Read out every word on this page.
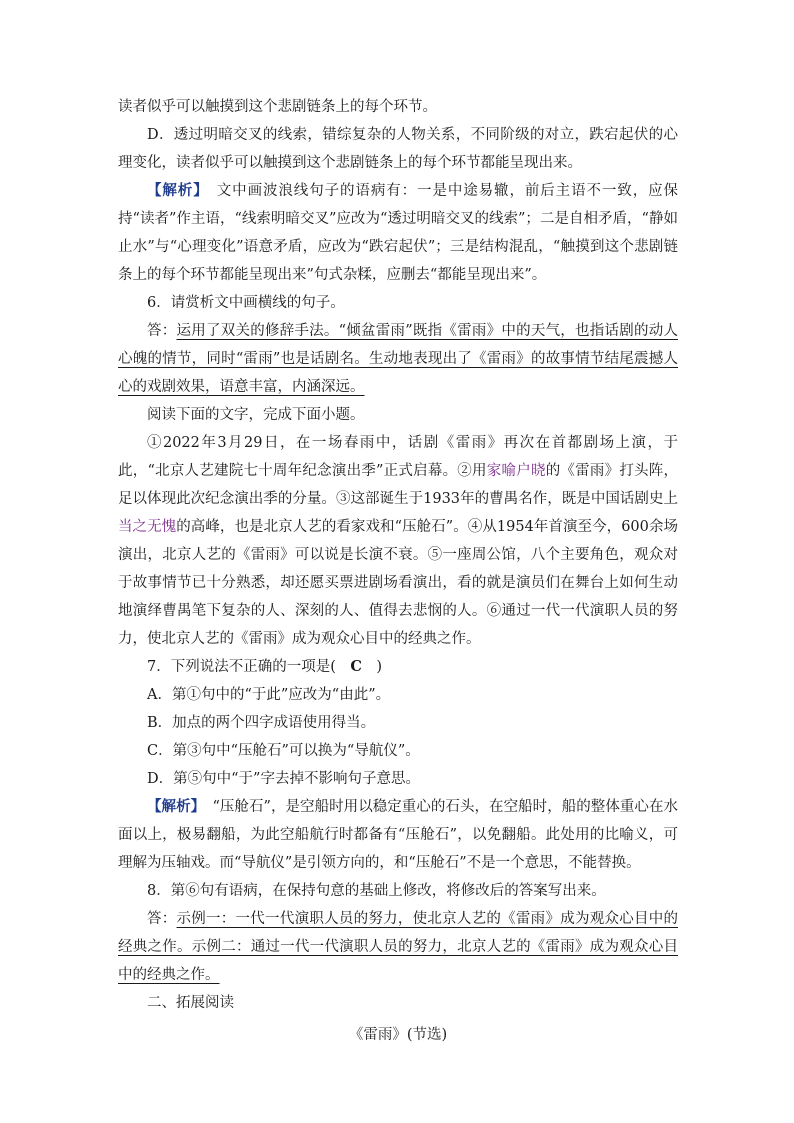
读者似乎可以触摸到这个悲剧链条上的每个环节。

D．透过明暗交叉的线索，错综复杂的人物关系，不同阶级的对立，跌宕起伏的心理变化，读者似乎可以触摸到这个悲剧链条上的每个环节都能呈现出来。

【解析】　文中画波浪线句子的语病有：一是中途易辙，前后主语不一致，应保持“读者”作主语，“线索明暗交叉”应改为“透过明暗交叉的线索”；二是自相矛盾，“静如止水”与“心理变化”语意矛盾，应改为“跌宕起伏”；三是结构混乱，“触摸到这个悲剧链条上的每个环节都能呈现出来”句式杂糅，应删去“都能呈现出来”。

6．请赏析文中画横线的句子。

答：运用了双关的修辞手法。“倾盆雷雨”既指《雷雨》中的天气，也指话剧的动人心魄的情节，同时“雷雨”也是话剧名。生动地表现出了《雷雨》的故事情节结尾震撼人心的戏剧效果，语意丰富，内涵深远。

阅读下面的文字，完成下面小题。

①2022年3月29日，在一场春雨中，话剧《雷雨》再次在首都剧场上演，于此，“北京人艺建院七十周年纪念演出季”正式启幕。②用家喻户晓的《雷雨》打头阵，足以体现此次纪念演出季的分量。③这部诞生于1933年的曹禺名作，既是中国话剧史上当之无愧的高峰，也是北京人艺的看家戏和“压舱石”。④从1954年首演至今，600余场演出，北京人艺的《雷雨》可以说是长演不衰。⑤一座周公馆，八个主要角色，观众对于故事情节已十分熟悉，却还愿买票进剧场看演出，看的就是演员们在舞台上如何生动地演绎曹禺笔下复杂的人、深刻的人、值得去悲悯的人。⑥通过一代一代演职人员的努力，使北京人艺的《雷雨》成为观众心目中的经典之作。

7．下列说法不正确的一项是(　C　)

A．第①句中的“于此”应改为“由此”。

B．加点的两个四字成语使用得当。

C．第③句中“压舱石”可以换为“导航仪”。

D．第⑤句中“于”字去掉不影响句子意思。

【解析】　“压舱石”，是空船时用以稳定重心的石头，在空船时，船的整体重心在水面以上，极易翻船，为此空船航行时都备有“压舱石”，以免翻船。此处用的比喻义，可理解为压轴戏。而“导航仪”是引领方向的，和“压舱石”不是一个意思，不能替换。

8．第⑥句有语病，在保持句意的基础上修改，将修改后的答案写出来。

答：示例一：一代一代演职人员的努力，使北京人艺的《雷雨》成为观众心目中的经典之作。示例二：通过一代一代演职人员的努力，北京人艺的《雷雨》成为观众心目中的经典之作。

二、拓展阅读

《雷雨》(节选)
